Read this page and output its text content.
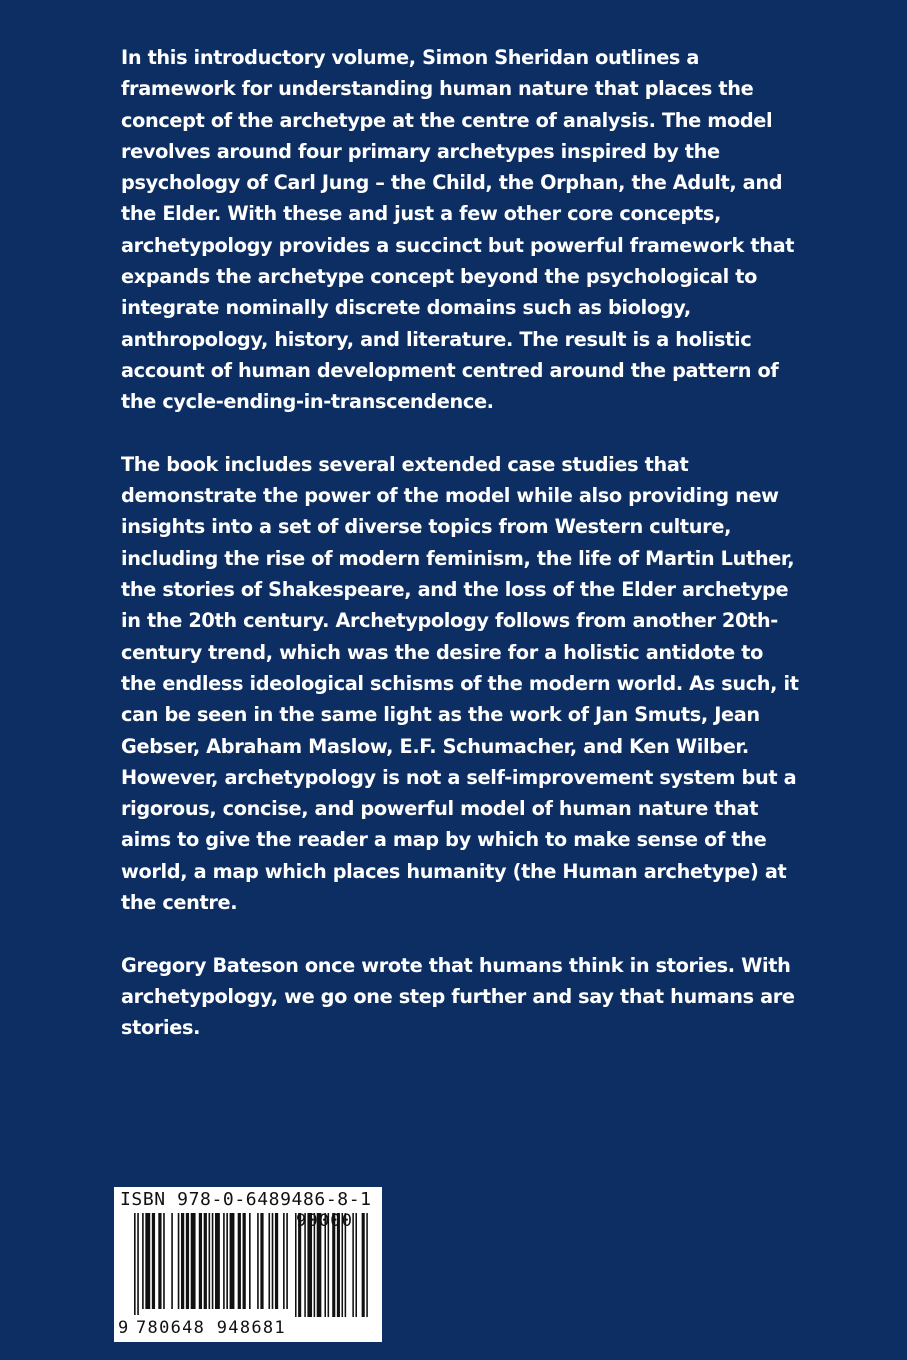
In this introductory volume, Simon Sheridan outlines a framework for understanding human nature that places the concept of the archetype at the centre of analysis. The model revolves around four primary archetypes inspired by the psychology of Carl Jung – the Child, the Orphan, the Adult, and the Elder. With these and just a few other core concepts, archetypology provides a succinct but powerful framework that expands the archetype concept beyond the psychological to integrate nominally discrete domains such as biology, anthropology, history, and literature. The result is a holistic account of human development centred around the pattern of the cycle-ending-in-transcendence.

The book includes several extended case studies that demonstrate the power of the model while also providing new insights into a set of diverse topics from Western culture, including the rise of modern feminism, the life of Martin Luther, the stories of Shakespeare, and the loss of the Elder archetype in the 20th century. Archetypology follows from another 20th-century trend, which was the desire for a holistic antidote to the endless ideological schisms of the modern world. As such, it can be seen in the same light as the work of Jan Smuts, Jean Gebser, Abraham Maslow, E.F. Schumacher, and Ken Wilber. However, archetypology is not a self-improvement system but a rigorous, concise, and powerful model of human nature that aims to give the reader a map by which to make sense of the world, a map which places humanity (the Human archetype) at the centre.

Gregory Bateson once wrote that humans think in stories. With archetypology, we go one step further and say that humans are stories.

ISBN 978-0-6489486-8-1
90000
9 780648 948681
